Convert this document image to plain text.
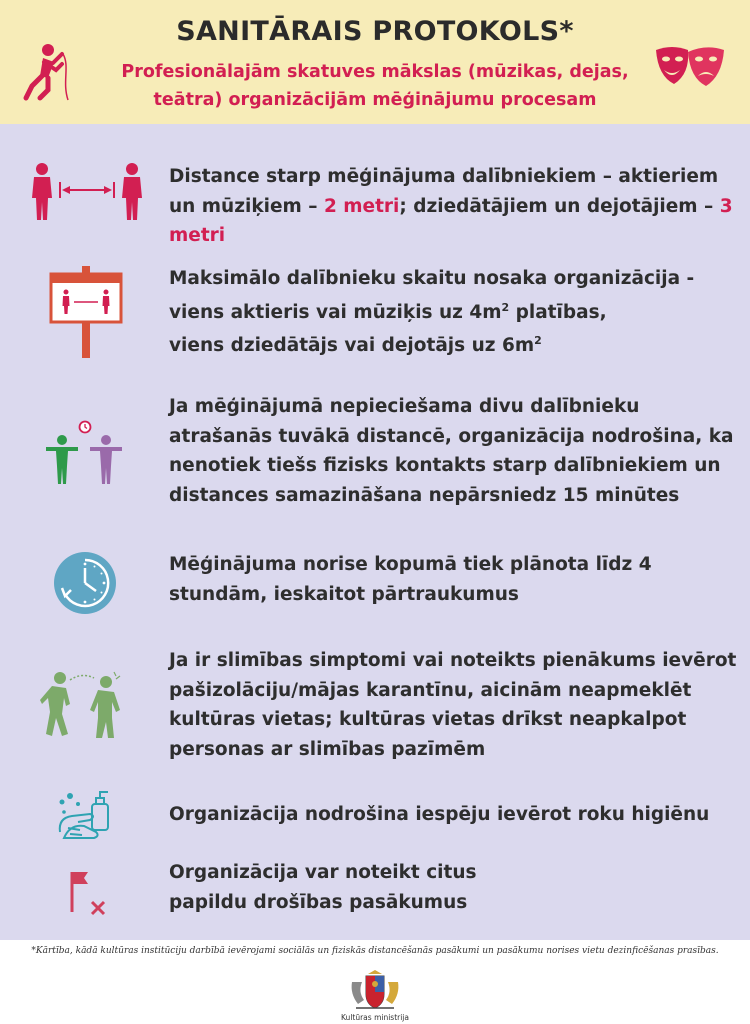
SANITĀRAIS PROTOKOLS*
Profesionālajām skatuves mākslas (mūzikas, dejas, teātra) organizācijām mēģinājumu procesam
Distance starp mēģinājuma dalībniekiem – aktieriem un mūziķiem – 2 metri; dziedātājiem un dejotājiem – 3 metri
Maksimālo dalībnieku skaitu nosaka organizācija -
viens aktieris vai mūziķis uz $4m^2$ platības,
viens dziedātājs vai dejotājs uz $6m^2$
Ja mēģinājumā nepieciešama divu dalībnieku atrašanās tuvākā distancē, organizācija nodrošina, ka nenotiek tiešs fizisks kontakts starp dalībniekiem un distances samazināšana nepārsniedz 15 minūtes
Mēģinājuma norise kopumā tiek plānota līdz 4 stundām, ieskaitot pārtraukumus
Ja ir slimības simptomi vai noteikts pienākums ievērot pašizolāciju/mājas karantīnu, aicinām neapmeklēt kultūras vietas; kultūras vietas drīkst neapkalpot personas ar slimības pazīmēm
Organizācija nodrošina iespēju ievērot roku higiēnu
Organizācija var noteikt citus
papildu drošības pasākumus
*Kārtība, kādā kultūras institūciju darbībā ievērojami sociālās un fiziskās distancēšanās pasākumi un pasākumu norises vietu dezinficēšanas prasības.
Kultūras ministrija
